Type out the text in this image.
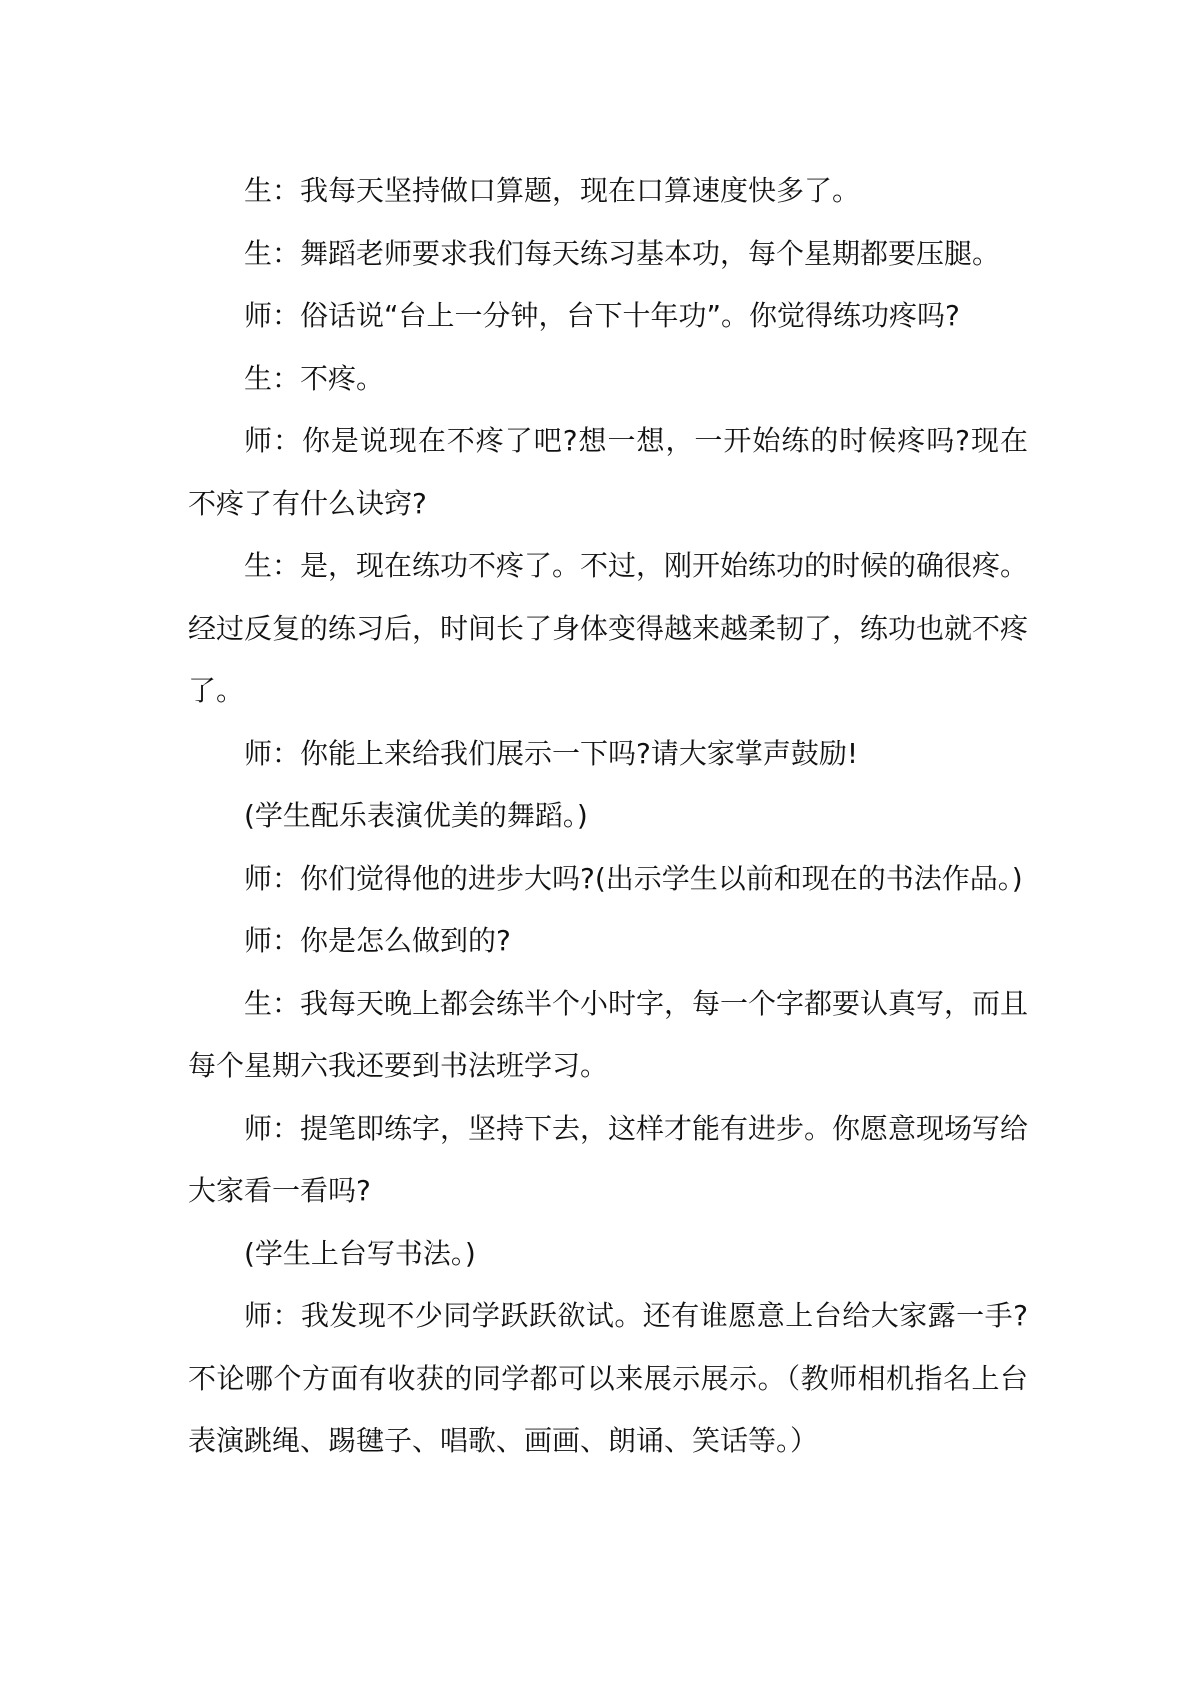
生：我每天坚持做口算题，现在口算速度快多了。

生：舞蹈老师要求我们每天练习基本功，每个星期都要压腿。

师：俗话说“台上一分钟，台下十年功”。你觉得练功疼吗?

生：不疼。

师：你是说现在不疼了吧?想一想，一开始练的时候疼吗?现在不疼了有什么诀窍?

生：是，现在练功不疼了。不过，刚开始练功的时候的确很疼。经过反复的练习后，时间长了身体变得越来越柔韧了，练功也就不疼了。

师：你能上来给我们展示一下吗?请大家掌声鼓励!

(学生配乐表演优美的舞蹈。)

师：你们觉得他的进步大吗?(出示学生以前和现在的书法作品。)

师：你是怎么做到的?

生：我每天晚上都会练半个小时字，每一个字都要认真写，而且每个星期六我还要到书法班学习。

师：提笔即练字，坚持下去，这样才能有进步。你愿意现场写给大家看一看吗?

(学生上台写书法。)

师：我发现不少同学跃跃欲试。还有谁愿意上台给大家露一手?不论哪个方面有收获的同学都可以来展示展示。（教师相机指名上台表演跳绳、踢毽子、唱歌、画画、朗诵、笑话等。）
